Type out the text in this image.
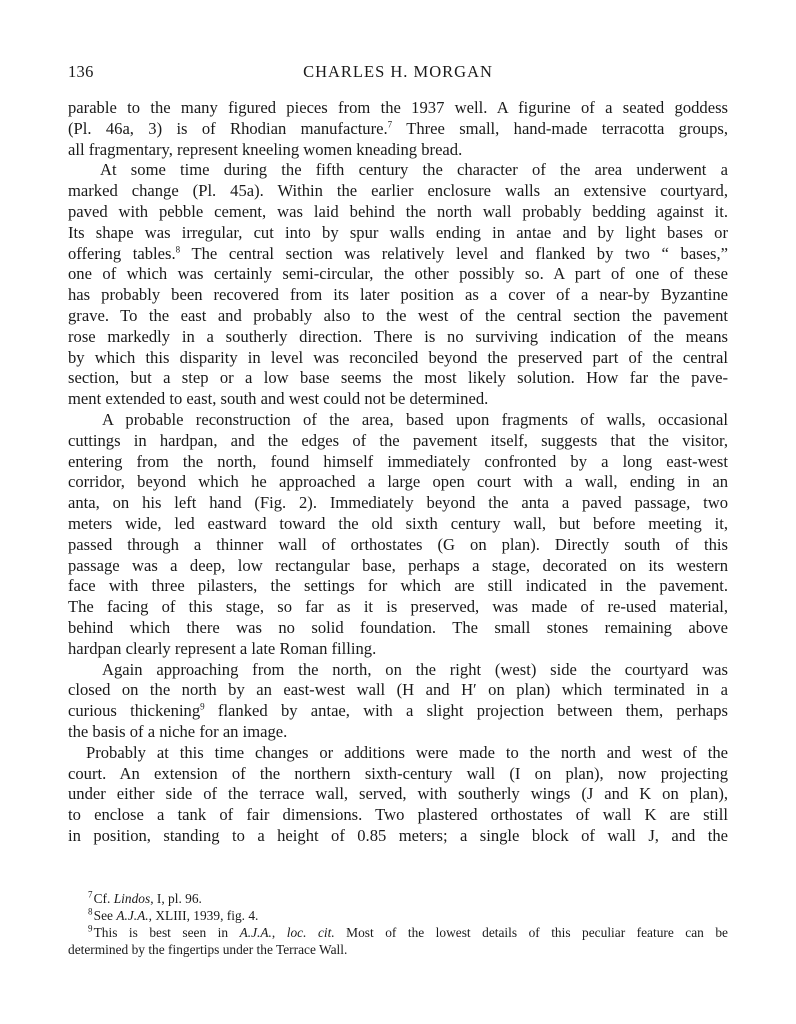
136	CHARLES H. MORGAN
parable to the many figured pieces from the 1937 well. A figurine of a seated goddess
(Pl. 46a, 3) is of Rhodian manufacture.$^7$ Three small, hand-made terracotta groups,
all fragmentary, represent kneeling women kneading bread.
At some time during the fifth century the character of the area underwent a
marked change (Pl. 45a). Within the earlier enclosure walls an extensive courtyard,
paved with pebble cement, was laid behind the north wall probably bedding against it.
Its shape was irregular, cut into by spur walls ending in antae and by light bases or
offering tables.$^8$ The central section was relatively level and flanked by two “ bases,”
one of which was certainly semi-circular, the other possibly so. A part of one of these
has probably been recovered from its later position as a cover of a near-by Byzantine
grave. To the east and probably also to the west of the central section the pavement
rose markedly in a southerly direction. There is no surviving indication of the means
by which this disparity in level was reconciled beyond the preserved part of the central
section, but a step or a low base seems the most likely solution. How far the pave-
ment extended to east, south and west could not be determined.
A probable reconstruction of the area, based upon fragments of walls, occasional
cuttings in hardpan, and the edges of the pavement itself, suggests that the visitor,
entering from the north, found himself immediately confronted by a long east-west
corridor, beyond which he approached a large open court with a wall, ending in an
anta, on his left hand (Fig. 2). Immediately beyond the anta a paved passage, two
meters wide, led eastward toward the old sixth century wall, but before meeting it,
passed through a thinner wall of orthostates (G on plan). Directly south of this
passage was a deep, low rectangular base, perhaps a stage, decorated on its western
face with three pilasters, the settings for which are still indicated in the pavement.
The facing of this stage, so far as it is preserved, was made of re-used material,
behind which there was no solid foundation. The small stones remaining above
hardpan clearly represent a late Roman filling.
Again approaching from the north, on the right (west) side the courtyard was
closed on the north by an east-west wall (H and H′ on plan) which terminated in a
curious thickening$^9$ flanked by antae, with a slight projection between them, perhaps
the basis of a niche for an image.
Probably at this time changes or additions were made to the north and west of the
court. An extension of the northern sixth-century wall (I on plan), now projecting
under either side of the terrace wall, served, with southerly wings (J and K on plan),
to enclose a tank of fair dimensions. Two plastered orthostates of wall K are still
in position, standing to a height of 0.85 meters; a single block of wall J, and the
$^7$ Cf. Lindos, I, pl. 96.
$^8$ See A.J.A., XLIII, 1939, fig. 4.
$^9$ This is best seen in A.J.A., loc. cit. Most of the lowest details of this peculiar feature can be
determined by the fingertips under the Terrace Wall.
